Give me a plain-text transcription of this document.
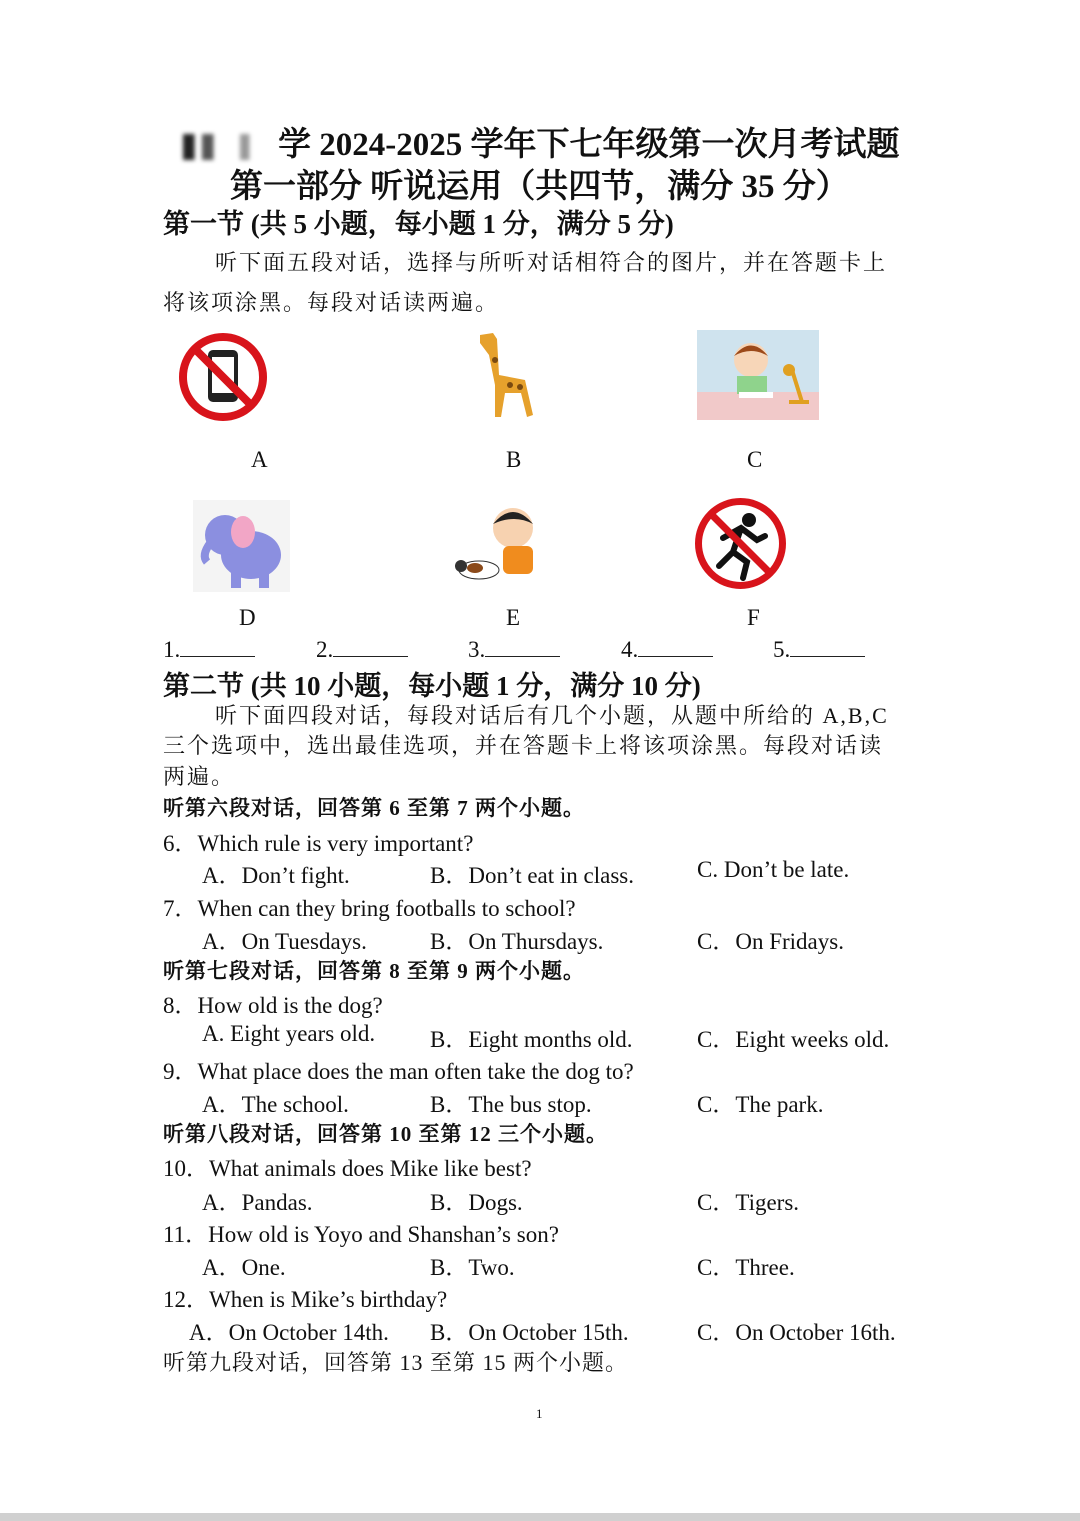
学 2024-2025 学年下七年级第一次月考试题
第一部分 听说运用（共四节，满分 35 分）
第一节 (共 5 小题，每小题 1 分，满分 5 分)
听下面五段对话，选择与所听对话相符合的图片，并在答题卡上
将该项涂黑。每段对话读两遍。
A	B	C
D	E	F
1.	2.	3.	4.	5.
第二节 (共 10 小题，每小题 1 分，满分 10 分)
听下面四段对话，每段对话后有几个小题，从题中所给的 A,B,C
三个选项中，选出最佳选项，并在答题卡上将该项涂黑。每段对话读
两遍。
听第六段对话，回答第 6 至第 7 两个小题。
6．Which rule is very important?
A．Don’t fight.	B．Don’t eat in class.	C. Don’t be late.
7．When can they bring footballs to school?
A．On Tuesdays.	B．On Thursdays.	C．On Fridays.
听第七段对话，回答第 8 至第 9 两个小题。
8．How old is the dog?
A. Eight years old. B．Eight months old.	C．Eight weeks old.
9．What place does the man often take the dog to?
A．The school.	B．The bus stop.	C．The park.
听第八段对话，回答第 10 至第 12 三个小题。
10．What animals does Mike like best?
A．Pandas.	B．Dogs.	C．Tigers.
11．How old is Yoyo and Shanshan’s son?
A．One.	B．Two.	C．Three.
12．When is Mike’s birthday?
A．On October 14th. B．On October 15th.	C．On October 16th.
听第九段对话，回答第 13 至第 15 两个小题。
1
